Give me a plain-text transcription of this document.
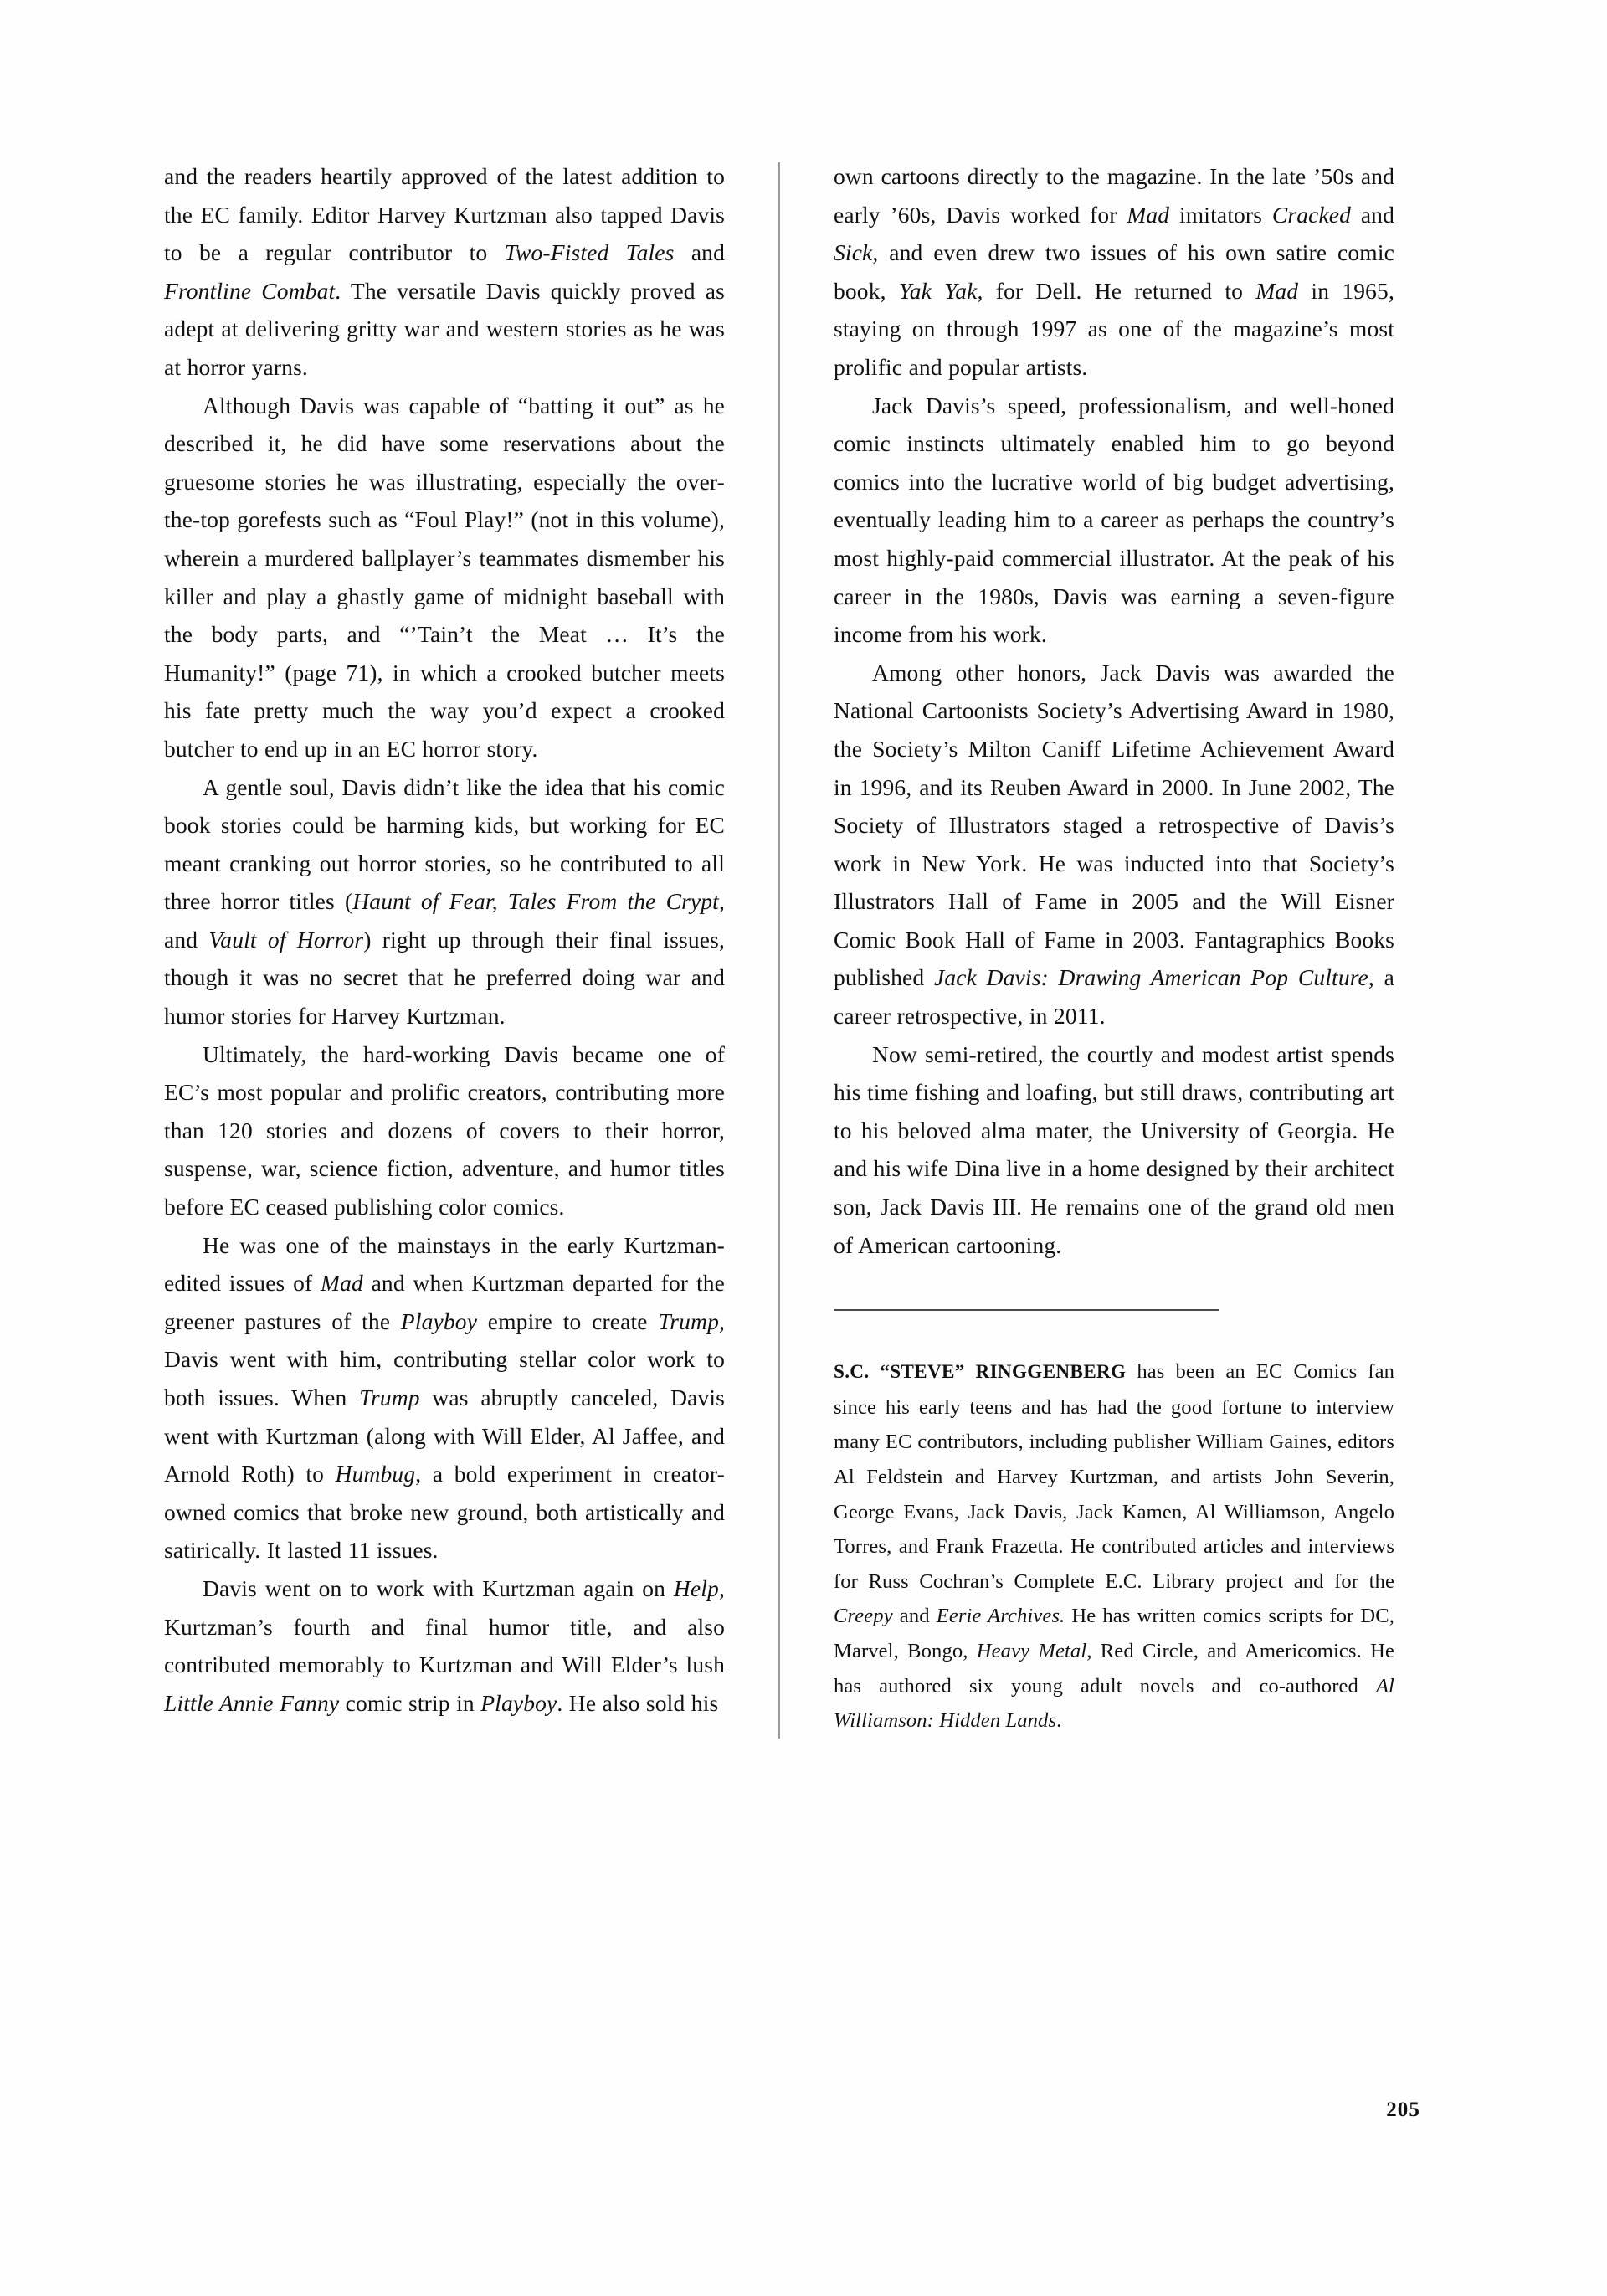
and the readers heartily approved of the latest addition to the EC family. Editor Harvey Kurtzman also tapped Davis to be a regular contributor to Two-Fisted Tales and Frontline Combat. The versatile Davis quickly proved as adept at delivering gritty war and western stories as he was at horror yarns.

Although Davis was capable of “batting it out” as he described it, he did have some reservations about the gruesome stories he was illustrating, especially the over-the-top gorefests such as “Foul Play!” (not in this volume), wherein a murdered ballplayer’s teammates dismember his killer and play a ghastly game of midnight baseball with the body parts, and “’Tain’t the Meat … It’s the Humanity!” (page 71), in which a crooked butcher meets his fate pretty much the way you’d expect a crooked butcher to end up in an EC horror story.

A gentle soul, Davis didn’t like the idea that his comic book stories could be harming kids, but working for EC meant cranking out horror stories, so he contributed to all three horror titles (Haunt of Fear, Tales From the Crypt, and Vault of Horror) right up through their final issues, though it was no secret that he preferred doing war and humor stories for Harvey Kurtzman.

Ultimately, the hard-working Davis became one of EC’s most popular and prolific creators, contributing more than 120 stories and dozens of covers to their horror, suspense, war, science fiction, adventure, and humor titles before EC ceased publishing color comics.

He was one of the mainstays in the early Kurtzman-edited issues of Mad and when Kurtzman departed for the greener pastures of the Playboy empire to create Trump, Davis went with him, contributing stellar color work to both issues. When Trump was abruptly canceled, Davis went with Kurtzman (along with Will Elder, Al Jaffee, and Arnold Roth) to Humbug, a bold experiment in creator-owned comics that broke new ground, both artistically and satirically. It lasted 11 issues.

Davis went on to work with Kurtzman again on Help, Kurtzman’s fourth and final humor title, and also contributed memorably to Kurtzman and Will Elder’s lush Little Annie Fanny comic strip in Playboy. He also sold his

own cartoons directly to the magazine. In the late ’50s and early ’60s, Davis worked for Mad imitators Cracked and Sick, and even drew two issues of his own satire comic book, Yak Yak, for Dell. He returned to Mad in 1965, staying on through 1997 as one of the magazine’s most prolific and popular artists.

Jack Davis’s speed, professionalism, and well-honed comic instincts ultimately enabled him to go beyond comics into the lucrative world of big budget advertising, eventually leading him to a career as perhaps the country’s most highly-paid commercial illustrator. At the peak of his career in the 1980s, Davis was earning a seven-figure income from his work.

Among other honors, Jack Davis was awarded the National Cartoonists Society’s Advertising Award in 1980, the Society’s Milton Caniff Lifetime Achievement Award in 1996, and its Reuben Award in 2000. In June 2002, The Society of Illustrators staged a retrospective of Davis’s work in New York. He was inducted into that Society’s Illustrators Hall of Fame in 2005 and the Will Eisner Comic Book Hall of Fame in 2003. Fantagraphics Books published Jack Davis: Drawing American Pop Culture, a career retrospective, in 2011.

Now semi-retired, the courtly and modest artist spends his time fishing and loafing, but still draws, contributing art to his beloved alma mater, the University of Georgia. He and his wife Dina live in a home designed by their architect son, Jack Davis III. He remains one of the grand old men of American cartooning.

S.C. “STEVE” RINGGENBERG has been an EC Comics fan since his early teens and has had the good fortune to interview many EC contributors, including publisher William Gaines, editors Al Feldstein and Harvey Kurtzman, and artists John Severin, George Evans, Jack Davis, Jack Kamen, Al Williamson, Angelo Torres, and Frank Frazetta. He contributed articles and interviews for Russ Cochran’s Complete E.C. Library project and for the Creepy and Eerie Archives. He has written comics scripts for DC, Marvel, Bongo, Heavy Metal, Red Circle, and Americomics. He has authored six young adult novels and co-authored Al Williamson: Hidden Lands.

205
